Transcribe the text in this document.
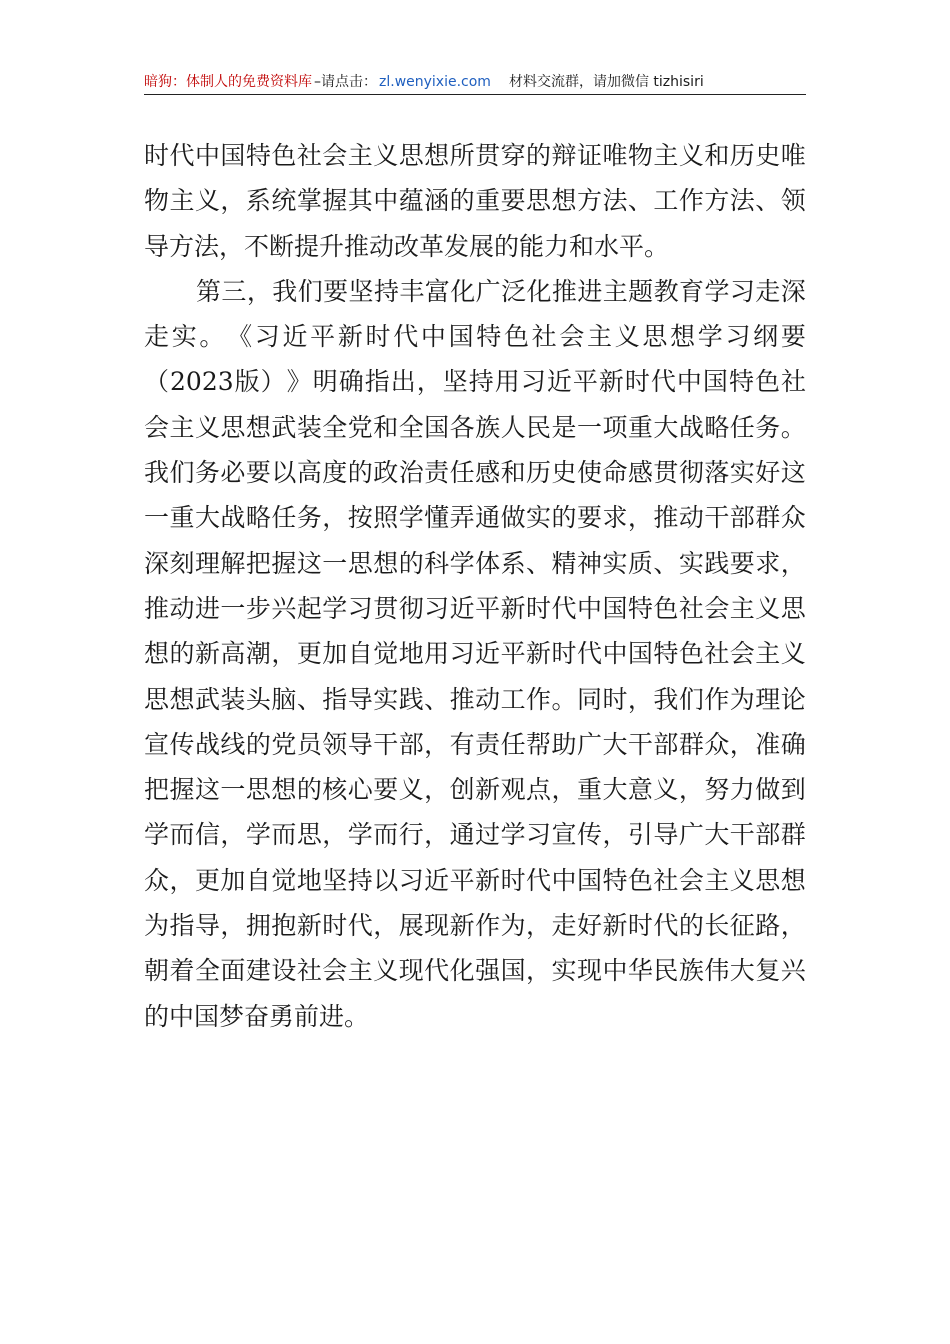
暗狗：体制人的免费资料库 –请点击： zl.wenyixie.com 材料交流群，请加微信 tizhisiri
时 代 中 国 特 色 社 会 主 义 思 想 所 贯 穿 的 辩 证 唯 物 主 义 和 历 史 唯
物 主 义 ， 系 统 掌 握 其 中 蕴 涵 的 重 要 思 想 方 法 、 工 作 方 法 、 领
导方法，不断提升推动改革发展的能力和水平。
第 三 ， 我 们 要 坚 持 丰 富 化 广 泛 化 推 进 主 题 教 育 学 习 走 深
走 实 。 《 习 近 平 新 时 代 中 国 特 色 社 会 主 义 思 想 学 习 纲 要
（ 2023 版 ） 》 明 确 指 出 ， 坚 持 用 习 近 平 新 时 代 中 国 特 色 社
会 主 义 思 想 武 装 全 党 和 全 国 各 族 人 民 是 一 项 重 大 战 略 任 务 。
我 们 务 必 要 以 高 度 的 政 治 责 任 感 和 历 史 使 命 感 贯 彻 落 实 好 这
一 重 大 战 略 任 务 ， 按 照 学 懂 弄 通 做 实 的 要 求 ， 推 动 干 部 群 众
深 刻 理 解 把 握 这 一 思 想 的 科 学 体 系 、 精 神 实 质 、 实 践 要 求 ，
推 动 进 一 步 兴 起 学 习 贯 彻 习 近 平 新 时 代 中 国 特 色 社 会 主 义 思
想 的 新 高 潮 ， 更 加 自 觉 地 用 习 近 平 新 时 代 中 国 特 色 社 会 主 义
思 想 武 装 头 脑 、 指 导 实 践 、 推 动 工 作 。 同 时 ， 我 们 作 为 理 论
宣 传 战 线 的 党 员 领 导 干 部 ， 有 责 任 帮 助 广 大 干 部 群 众 ， 准 确
把 握 这 一 思 想 的 核 心 要 义 ， 创 新 观 点 ， 重 大 意 义 ， 努 力 做 到
学 而 信 ， 学 而 思 ， 学 而 行 ， 通 过 学 习 宣 传 ， 引 导 广 大 干 部 群
众 ， 更 加 自 觉 地 坚 持 以 习 近 平 新 时 代 中 国 特 色 社 会 主 义 思 想
为 指 导 ， 拥 抱 新 时 代 ， 展 现 新 作 为 ， 走 好 新 时 代 的 长 征 路 ，
朝 着 全 面 建 设 社 会 主 义 现 代 化 强 国 ， 实 现 中 华 民 族 伟 大 复 兴
的中国梦奋勇前进。
